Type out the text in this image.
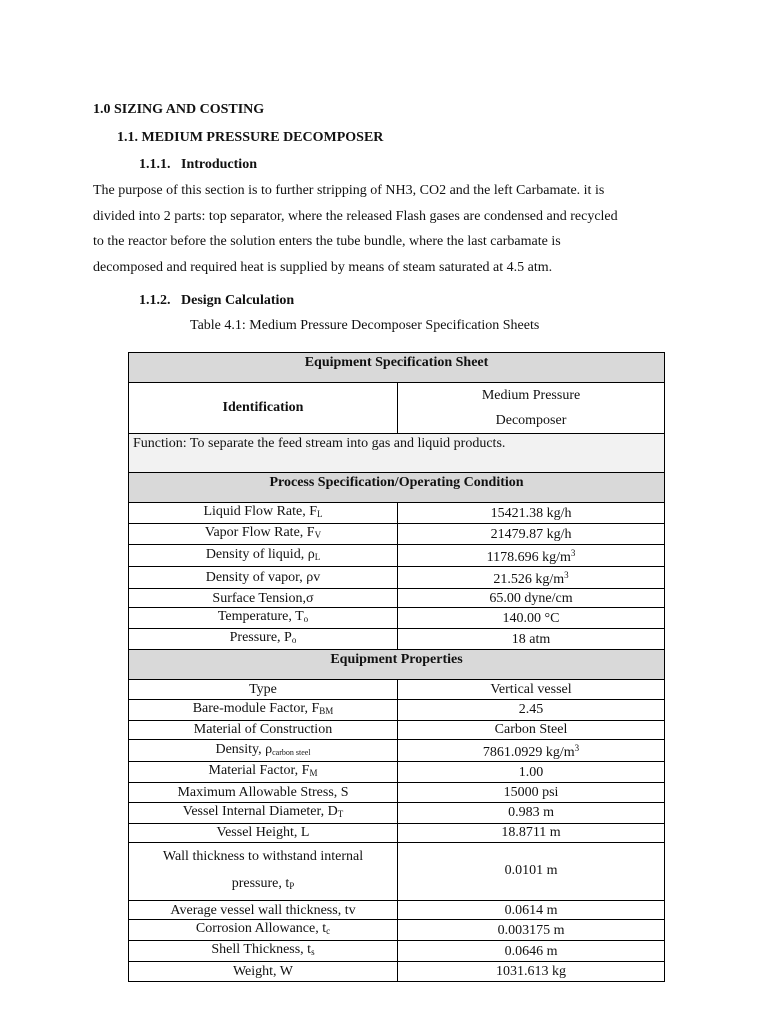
1.0 SIZING AND COSTING
1.1. MEDIUM PRESSURE DECOMPOSER
1.1.1. Introduction

The purpose of this section is to further stripping of NH3, CO2 and the left Carbamate. it is
divided into 2 parts: top separator, where the released Flash gases are condensed and recycled
to the reactor before the solution enters the tube bundle, where the last carbamate is
decomposed and required heat is supplied by means of steam saturated at 4.5 atm.

1.1.2. Design Calculation
Table 4.1: Medium Pressure Decomposer Specification Sheets
Equipment Specification Sheet	
Identification	Medium Pressure
Decomposer

Function: To separate the feed stream into gas and liquid products.	
Process Specification/Operating Condition	
Liquid Flow Rate, $F_L$	15421.38 kg/h
Vapor Flow Rate, $F_V$	21479.87 kg/h
Density of liquid, $\rho_L$	1178.696 $kg/m^3$
Density of vapor, ρv	21.526 $kg/m^3$
Surface Tension,σ	65.00 dyne/cm
Temperature, $T_o$	140.00 °C
Pressure, $P_o$	18 atm
Equipment Properties	
Type	Vertical vessel
Bare-module Factor, $F_{BM}$	2.45
Material of Construction	Carbon Steel
Density, $\rho_{carbon steel}$	7861.0929 $kg/m^3$
Material Factor, $F_M$	1.00
Maximum Allowable Stress, S	15000 psi
Vessel Internal Diameter, $D_T$	0.983 m
Vessel Height, L	18.8711 m

Wall thickness to withstand internal
pressure, $t_P$	0.0101 m
Average vessel wall thickness, tv	0.0614 m
Corrosion Allowance, $t_c$	0.003175 m
Shell Thickness, $t_s$	0.0646 m
Weight, W	1031.613 kg
